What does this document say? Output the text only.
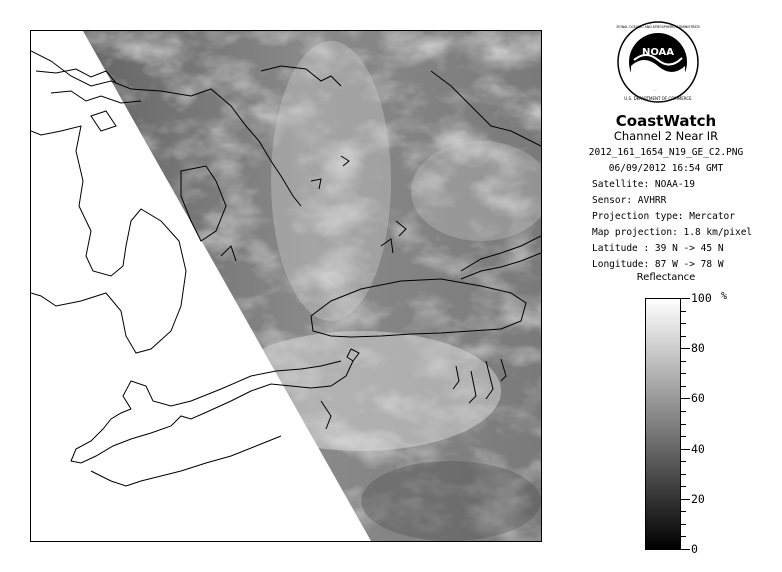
NOAA
NATIONAL OCEANIC AND ATMOSPHERIC ADMINISTRATION
U.S. DEPARTMENT OF COMMERCE
CoastWatch
Channel 2 Near IR
2012_161_1654_N19_GE_C2.PNG
06/09/2012 16:54 GMT
Satellite: NOAA-19
Sensor: AVHRR
Projection type: Mercator
Map projection: 1.8 km/pixel
Latitude : 39 N -> 45 N
Longitude: 87 W -> 78 W
Reflectance
%
100
80
60
40
20
0
